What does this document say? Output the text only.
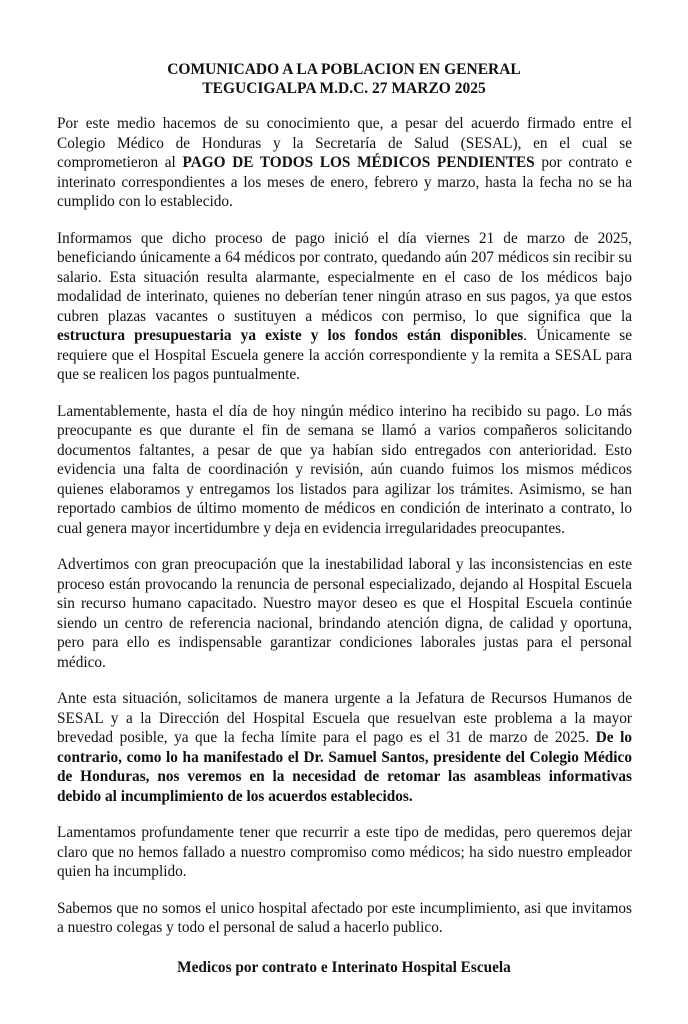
COMUNICADO A LA POBLACION EN GENERAL
TEGUCIGALPA M.D.C. 27 MARZO 2025

Por este medio hacemos de su conocimiento que, a pesar del acuerdo firmado entre el Colegio Médico de Honduras y la Secretaría de Salud (SESAL), en el cual se comprometieron al PAGO DE TODOS LOS MÉDICOS PENDIENTES por contrato e interinato correspondientes a los meses de enero, febrero y marzo, hasta la fecha no se ha cumplido con lo establecido.

Informamos que dicho proceso de pago inició el día viernes 21 de marzo de 2025, beneficiando únicamente a 64 médicos por contrato, quedando aún 207 médicos sin recibir su salario. Esta situación resulta alarmante, especialmente en el caso de los médicos bajo modalidad de interinato, quienes no deberían tener ningún atraso en sus pagos, ya que estos cubren plazas vacantes o sustituyen a médicos con permiso, lo que significa que la estructura presupuestaria ya existe y los fondos están disponibles. Únicamente se requiere que el Hospital Escuela genere la acción correspondiente y la remita a SESAL para que se realicen los pagos puntualmente.

Lamentablemente, hasta el día de hoy ningún médico interino ha recibido su pago. Lo más preocupante es que durante el fin de semana se llamó a varios compañeros solicitando documentos faltantes, a pesar de que ya habían sido entregados con anterioridad. Esto evidencia una falta de coordinación y revisión, aún cuando fuimos los mismos médicos quienes elaboramos y entregamos los listados para agilizar los trámites. Asimismo, se han reportado cambios de último momento de médicos en condición de interinato a contrato, lo cual genera mayor incertidumbre y deja en evidencia irregularidades preocupantes.

Advertimos con gran preocupación que la inestabilidad laboral y las inconsistencias en este proceso están provocando la renuncia de personal especializado, dejando al Hospital Escuela sin recurso humano capacitado. Nuestro mayor deseo es que el Hospital Escuela continúe siendo un centro de referencia nacional, brindando atención digna, de calidad y oportuna, pero para ello es indispensable garantizar condiciones laborales justas para el personal médico.

Ante esta situación, solicitamos de manera urgente a la Jefatura de Recursos Humanos de SESAL y a la Dirección del Hospital Escuela que resuelvan este problema a la mayor brevedad posible, ya que la fecha límite para el pago es el 31 de marzo de 2025. De lo contrario, como lo ha manifestado el Dr. Samuel Santos, presidente del Colegio Médico de Honduras, nos veremos en la necesidad de retomar las asambleas informativas debido al incumplimiento de los acuerdos establecidos.

Lamentamos profundamente tener que recurrir a este tipo de medidas, pero queremos dejar claro que no hemos fallado a nuestro compromiso como médicos; ha sido nuestro empleador quien ha incumplido.

Sabemos que no somos el unico hospital afectado por este incumplimiento, asi que invitamos a nuestro colegas y todo el personal de salud a hacerlo publico.

Medicos por contrato e Interinato Hospital Escuela
